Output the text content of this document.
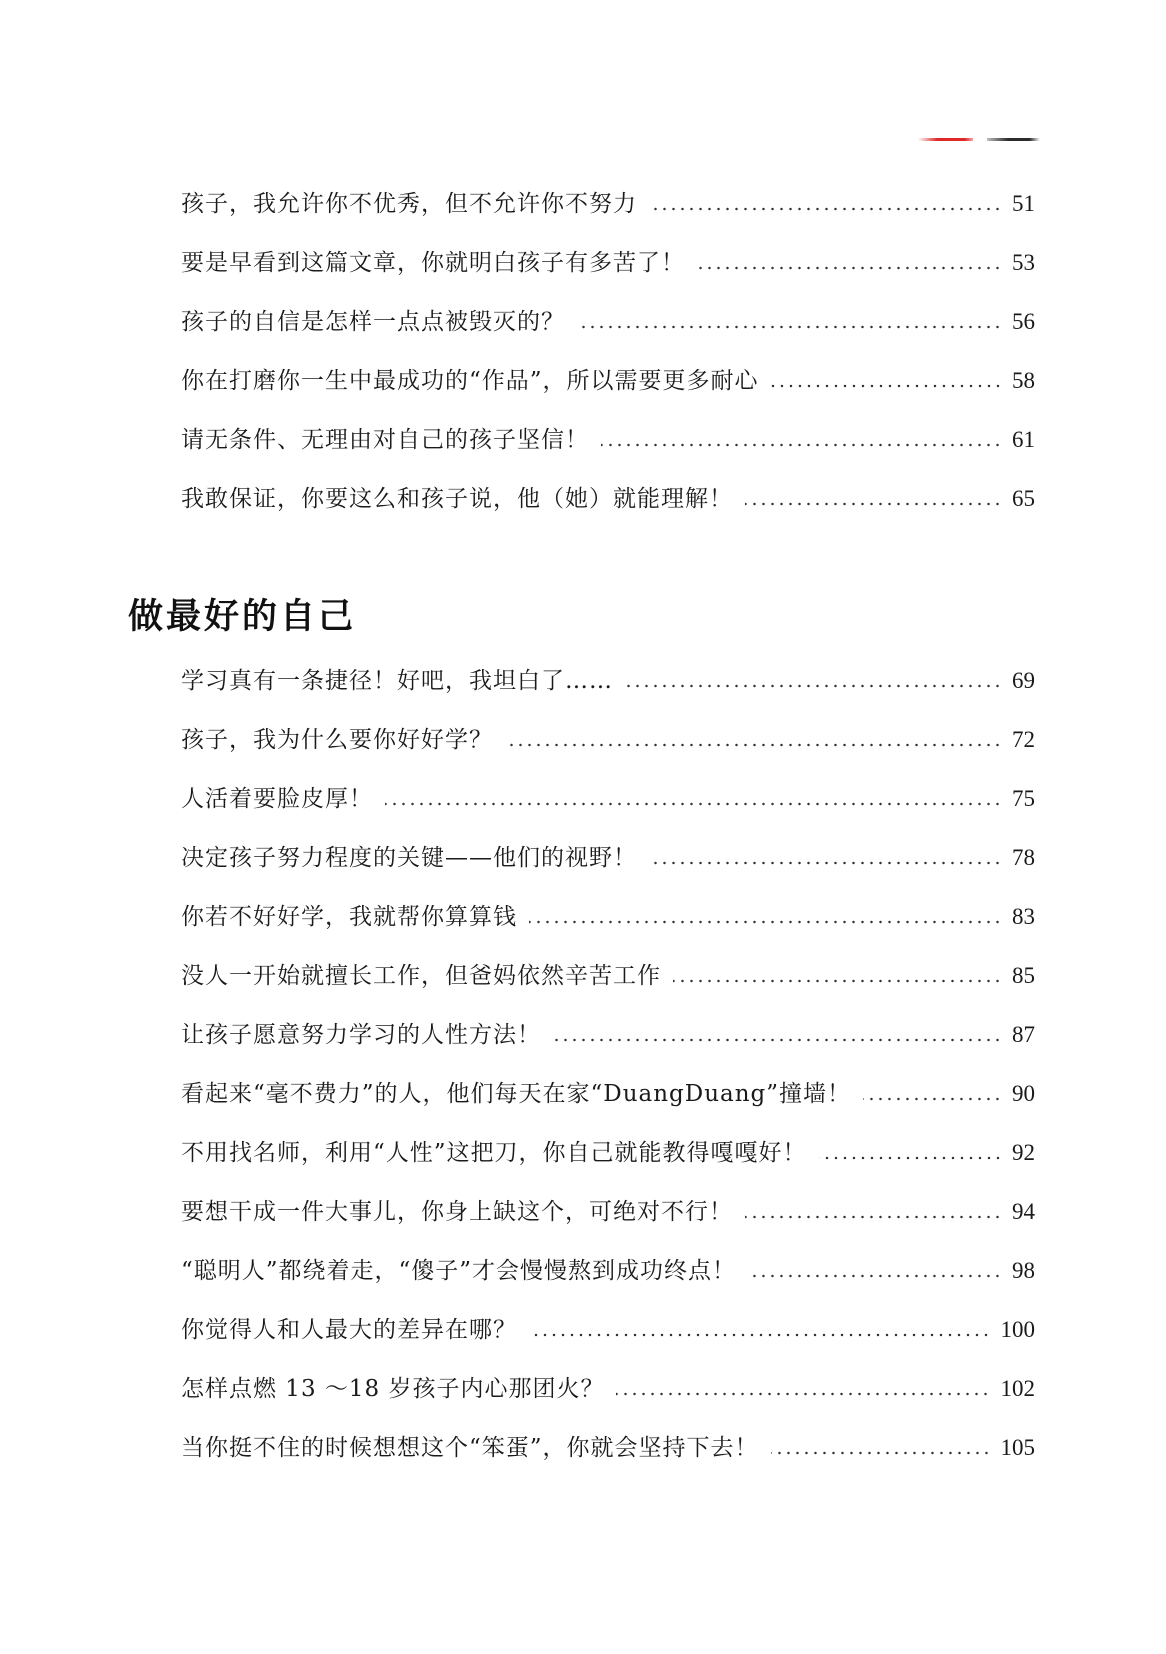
孩子，我允许你不优秀，但不允许你不努力	51
要是早看到这篇文章，你就明白孩子有多苦了！	53
孩子的自信是怎样一点点被毁灭的？	56
你在打磨你一生中最成功的“作品”，所以需要更多耐心	58
请无条件、无理由对自己的孩子坚信！	61
我敢保证，你要这么和孩子说，他（她）就能理解！	65
做最好的自己
学习真有一条捷径！好吧，我坦白了……	69
孩子，我为什么要你好好学？	72
人活着要脸皮厚！	75
决定孩子努力程度的关键——他们的视野！	78
你若不好好学，我就帮你算算钱	83
没人一开始就擅长工作，但爸妈依然辛苦工作	85
让孩子愿意努力学习的人性方法！	87
看起来“毫不费力”的人，他们每天在家“DuangDuang”撞墙！	90
不用找名师，利用“人性”这把刀，你自己就能教得嘎嘎好！	92
要想干成一件大事儿，你身上缺这个，可绝对不行！	94
“聪明人”都绕着走，“傻子”才会慢慢熬到成功终点！	98
你觉得人和人最大的差异在哪？	100
怎样点燃 13 ～18 岁孩子内心那团火？	102
当你挺不住的时候想想这个“笨蛋”，你就会坚持下去！	105
